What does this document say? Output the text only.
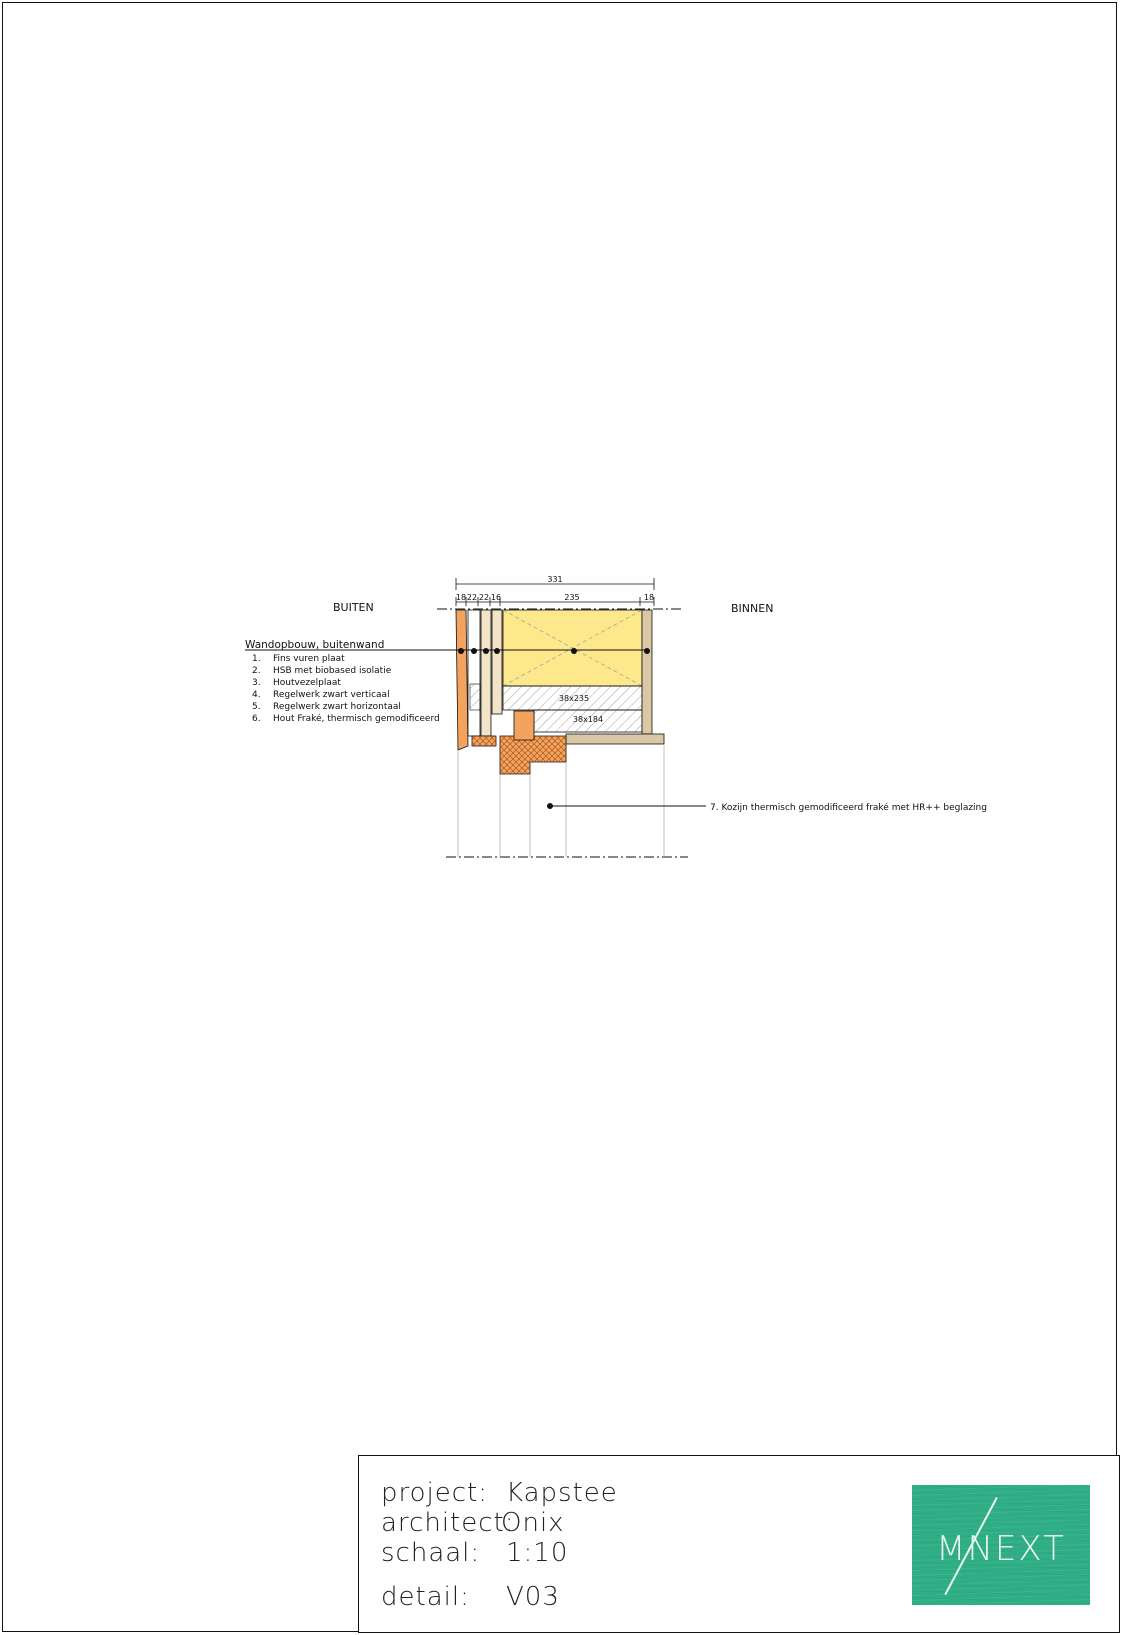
331
18 22 22 16	235	18
BUITEN	BINNEN
38x235
38x184
Wandopbouw, buitenwand
1. Fins vuren plaat
2. HSB met biobased isolatie
3. Houtvezelplaat
4. Regelwerk zwart verticaal
5. Regelwerk zwart horizontaal
6. Hout Fraké, thermisch gemodificeerd
7. Kozijn thermisch gemodificeerd fraké met HR++ beglazing
project: Kapstee
architect:
Onix
schaal: 1:10
detail: V03
MNEXT
